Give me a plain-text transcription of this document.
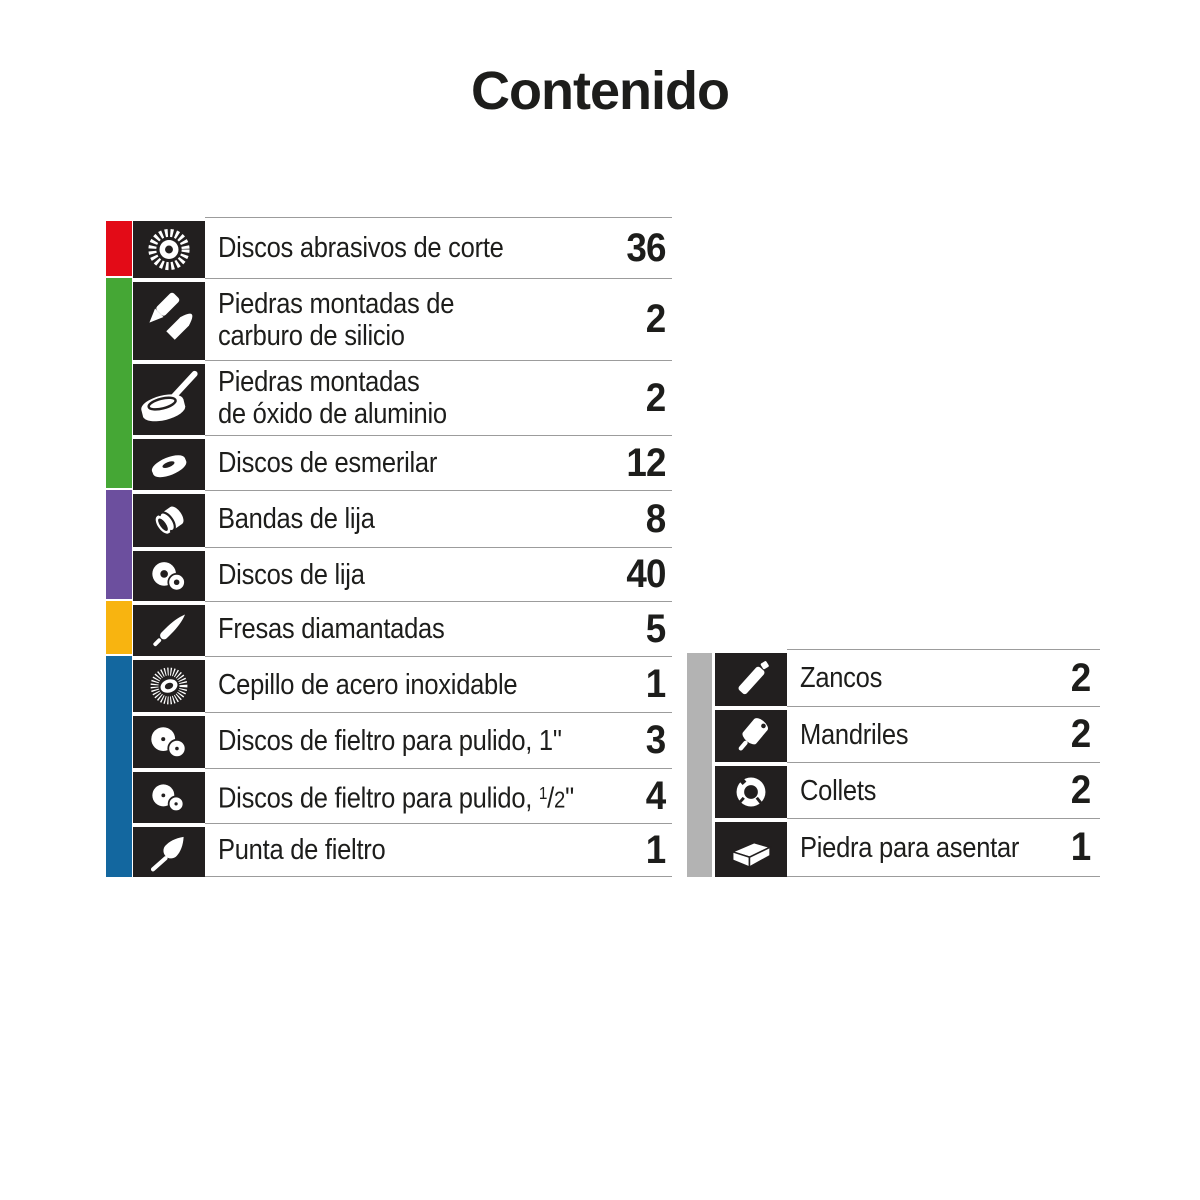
Contenido
Discos abrasivos de corte	36
Piedras montadas de
carburo de silicio	2
Piedras montadas
de óxido de aluminio	2
Discos de esmerilar	12
Bandas de lija	8
Discos de lija	40
Fresas diamantadas	5
Cepillo de acero inoxidable	1
Discos de fieltro para pulido, 1"	3
Discos de fieltro para pulido, $^1$/2"	4
Punta de fieltro	1
Zancos	2
Mandriles	2
Collets	2
Piedra para asentar	1
